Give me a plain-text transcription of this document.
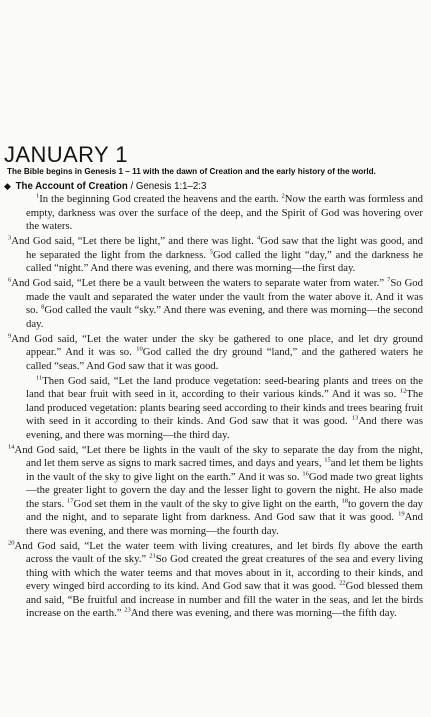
JANUARY 1

The Bible begins in Genesis 1 – 11 with the dawn of Creation and the early history of the world.

◆ The Account of Creation / Genesis 1:1–2:3

$^1$In the beginning God created the heavens and the earth. $^2$Now the earth was formless and empty, darkness was over the surface of the deep, and the Spirit of God was hovering over the waters.

$^3$And God said, “Let there be light,” and there was light. $^4$God saw that the light was good, and he separated the light from the darkness. $^5$God called the light “day,” and the darkness he called “night.” And there was evening, and there was morning—the first day.

$^6$And God said, “Let there be a vault between the waters to separate water from water.” $^7$So God made the vault and separated the water under the vault from the water above it. And it was so. $^8$God called the vault “sky.” And there was evening, and there was morning—the second day.

$^9$And God said, “Let the water under the sky be gathered to one place, and let dry ground appear.” And it was so. $^{10}$God called the dry ground “land,” and the gathered waters he called “seas.” And God saw that it was good.

$^{11}$Then God said, “Let the land produce vegetation: seed-bearing plants and trees on the land that bear fruit with seed in it, according to their various kinds.” And it was so. $^{12}$The land produced vegetation: plants bearing seed according to their kinds and trees bearing fruit with seed in it according to their kinds. And God saw that it was good. $^{13}$And there was evening, and there was morning—the third day.

$^{14}$And God said, “Let there be lights in the vault of the sky to separate the day from the night, and let them serve as signs to mark sacred times, and days and years, $^{15}$and let them be lights in the vault of the sky to give light on the earth.” And it was so. $^{16}$God made two great lights—the greater light to govern the day and the lesser light to govern the night. He also made the stars. $^{17}$God set them in the vault of the sky to give light on the earth, $^{18}$to govern the day and the night, and to separate light from darkness. And God saw that it was good. $^{19}$And there was evening, and there was morning—the fourth day.

$^{20}$And God said, “Let the water teem with living creatures, and let birds fly above the earth across the vault of the sky.” $^{21}$So God created the great creatures of the sea and every living thing with which the water teems and that moves about in it, according to their kinds, and every winged bird according to its kind. And God saw that it was good. $^{22}$God blessed them and said, “Be fruitful and increase in number and fill the water in the seas, and let the birds increase on the earth.” $^{23}$And there was evening, and there was morning—the fifth day.
